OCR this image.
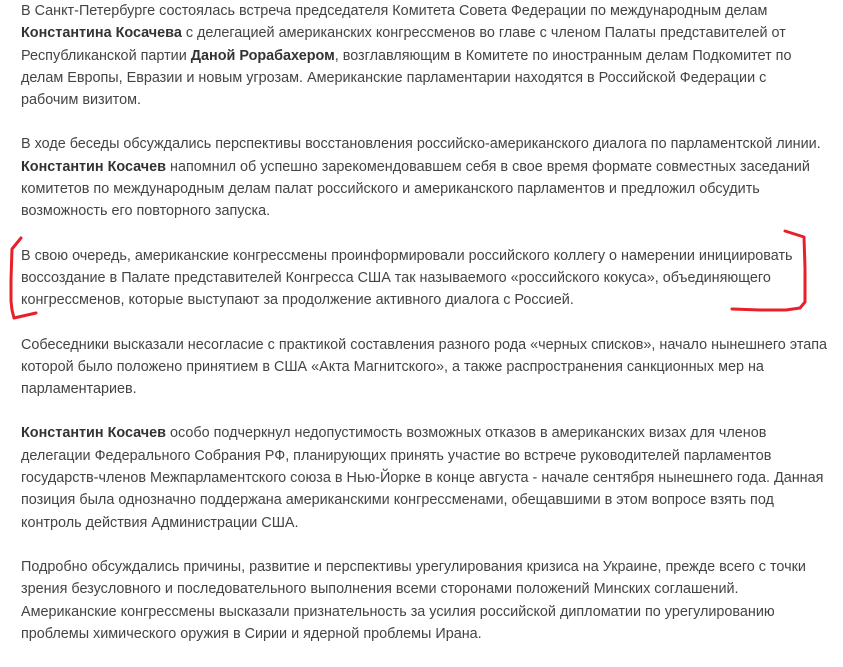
В Санкт-Петербурге состоялась встреча председателя Комитета Совета Федерации по международным делам
Константина Косачева с делегацией американских конгрессменов во главе с членом Палаты представителей от
Республиканской партии Даной Рорабахером, возглавляющим в Комитете по иностранным делам Подкомитет по
делам Европы, Евразии и новым угрозам. Американские парламентарии находятся в Российской Федерации с
рабочим визитом.

В ходе беседы обсуждались перспективы восстановления российско-американского диалога по парламентской линии.
Константин Косачев напомнил об успешно зарекомендовавшем себя в свое время формате совместных заседаний
комитетов по международным делам палат российского и американского парламентов и предложил обсудить
возможность его повторного запуска.

В свою очередь, американские конгрессмены проинформировали российского коллегу о намерении инициировать
воссоздание в Палате представителей Конгресса США так называемого «российского кокуса», объединяющего
конгрессменов, которые выступают за продолжение активного диалога с Россией.

Собеседники высказали несогласие с практикой составления разного рода «черных списков», начало нынешнего этапа
которой было положено принятием в США «Акта Магнитского», а также распространения санкционных мер на
парламентариев.

Константин Косачев особо подчеркнул недопустимость возможных отказов в американских визах для членов
делегации Федерального Собрания РФ, планирующих принять участие во встрече руководителей парламентов
государств-членов Межпарламентского союза в Нью-Йорке в конце августа - начале сентября нынешнего года. Данная
позиция была однозначно поддержана американскими конгрессменами, обещавшими в этом вопросе взять под
контроль действия Администрации США.

Подробно обсуждались причины, развитие и перспективы урегулирования кризиса на Украине, прежде всего с точки
зрения безусловного и последовательного выполнения всеми сторонами положений Минских соглашений.
Американские конгрессмены высказали признательность за усилия российской дипломатии по урегулированию
проблемы химического оружия в Сирии и ядерной проблемы Ирана.
